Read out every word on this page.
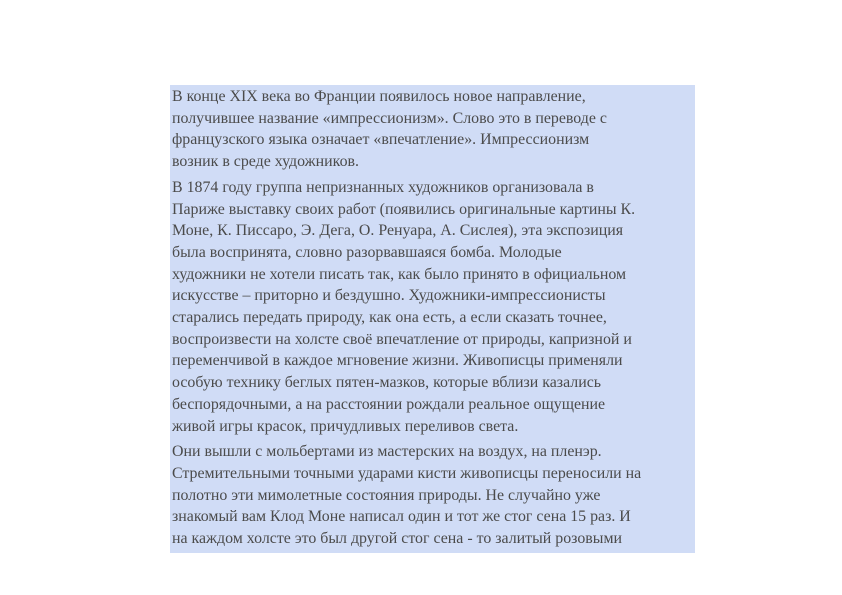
В конце XIX века во Франции появилось новое направление,
получившее название «импрессионизм». Слово это в переводе с
французского языка означает «впечатление». Импрессионизм
возник в среде художников.

В 1874 году группа непризнанных художников организовала в
Париже выставку своих работ (появились оригинальные картины К.
Моне, К. Писсаро, Э. Дега, О. Ренуара, А. Сислея), эта экспозиция
была воспринята, словно разорвавшаяся бомба. Молодые
художники не хотели писать так, как было принято в официальном
искусстве – приторно и бездушно. Художники-импрессионисты
старались передать природу, как она есть, а если сказать точнее,
воспроизвести на холсте своё впечатление от природы, капризной и
переменчивой в каждое мгновение жизни. Живописцы применяли
особую технику беглых пятен-мазков, которые вблизи казались
беспорядочными, а на расстоянии рождали реальное ощущение
живой игры красок, причудливых переливов света.

Они вышли с мольбертами из мастерских на воздух, на пленэр.
Стремительными точными ударами кисти живописцы переносили на
полотно эти мимолетные состояния природы. Не случайно уже
знакомый вам Клод Моне написал один и тот же стог сена 15 раз. И
на каждом холсте это был другой стог сена - то залитый розовыми
